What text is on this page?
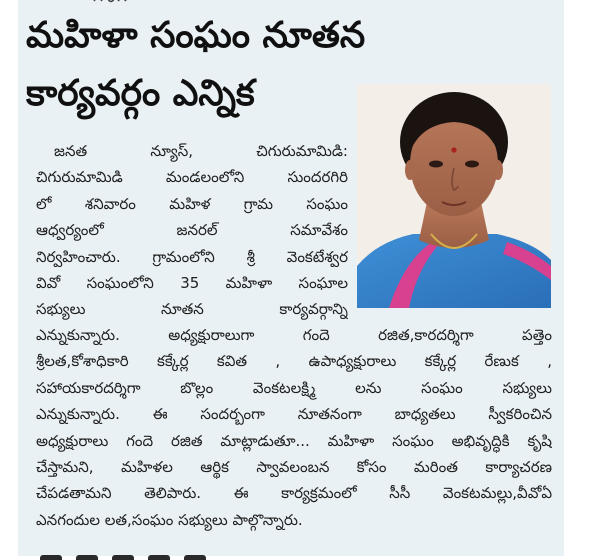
మహిళా సంఘం నూతన
కార్యవర్గం ఎన్నిక
జనత న్యూస్, చిగురుమామిడి:
చిగురుమామిడి మండలంలోని సుందరగిరి
లో శనివారం మహిళ గ్రామ సంఘం
ఆధ్వర్యంలో జనరల్ సమావేశం
నిర్వహించారు. గ్రామంలోని శ్రీ వెంకటేశ్వర
వివో సంఘంలోని 35 మహిళా సంఘాల
సభ్యులు నూతన కార్యవర్గాన్ని
ఎన్నుకున్నారు. అధ్యక్షురాలుగా గందె రజిత,కారదర్శిగా పత్తెం
శ్రీలత,కోశాధికారి కక్కేర్ల కవిత , ఉపాధ్యక్షురాలు కక్కేర్ల రేణుక ,
సహాయకారదర్శిగా బొల్లం వెంకటలక్ష్మి లను సంఘం సభ్యులు
ఎన్నుకున్నారు. ఈ సందర్బంగా నూతనంగా బాధ్యతలు స్వీకరించిన
అధ్యక్షురాలు గందె రజిత మాట్లాడుతూ... మహిళా సంఘం అభివృద్ధికి కృషి
చేస్తామని, మహిళల ఆర్థిక స్వావలంబన కోసం మరింత కార్యాచరణ
చేపడతామని తెలిపారు. ఈ కార్యక్రమంలో సీసీ వెంకటమల్లు,వీవోఏ
ఎనగందుల లత,సంఘం సభ్యులు పాల్గొన్నారు.
